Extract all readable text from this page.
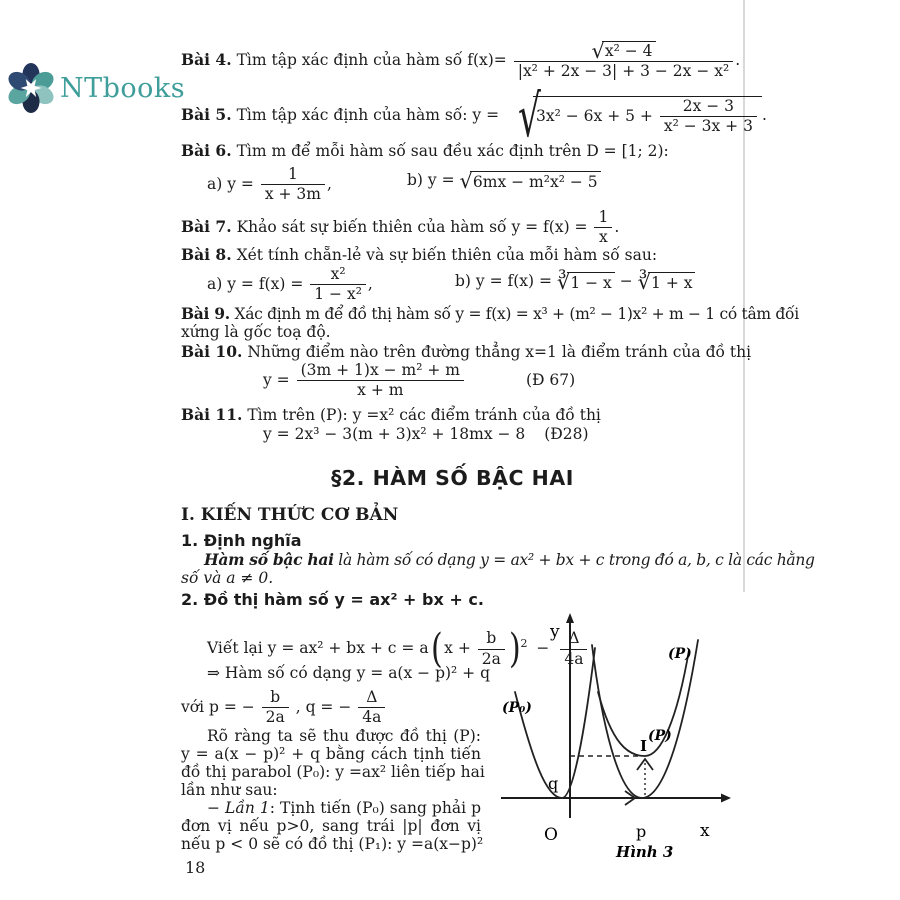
NTbooks
Bài 4. Tìm tập xác định của hàm số $f(x)= \frac{\text{√x² − 4}}{\text{|x² + 2x − 3| + 3 − 2x − x²}}$ .
Bài 5. Tìm tập xác định của hàm số: $y = √3x^2 - 6x + 5 + \frac{2x - 3}{\text{x² − 3x + 3}}$ .
Bài 6. Tìm m để mỗi hàm số sau đều xác định trên D = [1; 2):
a) $y = \frac{1}{x + 3m}$ ,	b) y = √6mx − m²x² − 5
Bài 7. Khảo sát sự biến thiên của hàm số $y = f(x) = \frac{1}{x}$ .
Bài 8. Xét tính chẵn-lẻ và sự biến thiên của mỗi hàm số sau:
a) $y = f(x) = \frac{\text{x²}}{\text{1 − x²}}$ ,	b) y = f(x) = ∛1 − x − ∛1 + x
Bài 9. Xác định m để đồ thị hàm số y = f(x) = x³ + (m² − 1)x² + m − 1 có tâm đối
xứng là gốc toạ độ.
Bài 10. Những điểm nào trên đường thẳng x=1 là điểm tránh của đồ thị
$y = \frac{\text{(3m + 1)x − m² + m}}{x + m}$	(Đ 67)
Bài 11. Tìm trên (P): y =x² các điểm tránh của đồ thị
y = 2x³ − 3(m + 3)x² + 18mx − 8 (Đ28)
§2. HÀM SỐ BẬC HAI
I. KIẾN THỨC CƠ BẢN
1. Định nghĩa
Hàm số bậc hai là hàm số có dạng y = ax² + bx + c trong đó a, b, c là các hằng
số và a ≠ 0.
2. Đồ thị hàm số y = ax² + bx + c.
Viết lại y = ax² + bx + c = a( $x + \frac{b}{2a} )^2 - \frac{\Delta}{4a}$
⇒ Hàm số có dạng y = a(x − p)² + q
với p = − $\frac{b}{2a}$ , q = − $\frac{\Delta}{4a}$
Rõ ràng ta sẽ thu được đồ thị (P):
y = a(x − p)² + q bằng cách tịnh tiến
đồ thị parabol (P₀): y =ax² liên tiếp hai
lần như sau:
− Lần 1: Tịnh tiến (P₀) sang phải p
đơn vị nếu p>0, sang trái |p| đơn vị
nếu p < 0 sẽ có đồ thị (P₁): y =a(x−p)²
18
y
x
O
q
p
I
(P₀)
(P)
(P)
Hình 3
